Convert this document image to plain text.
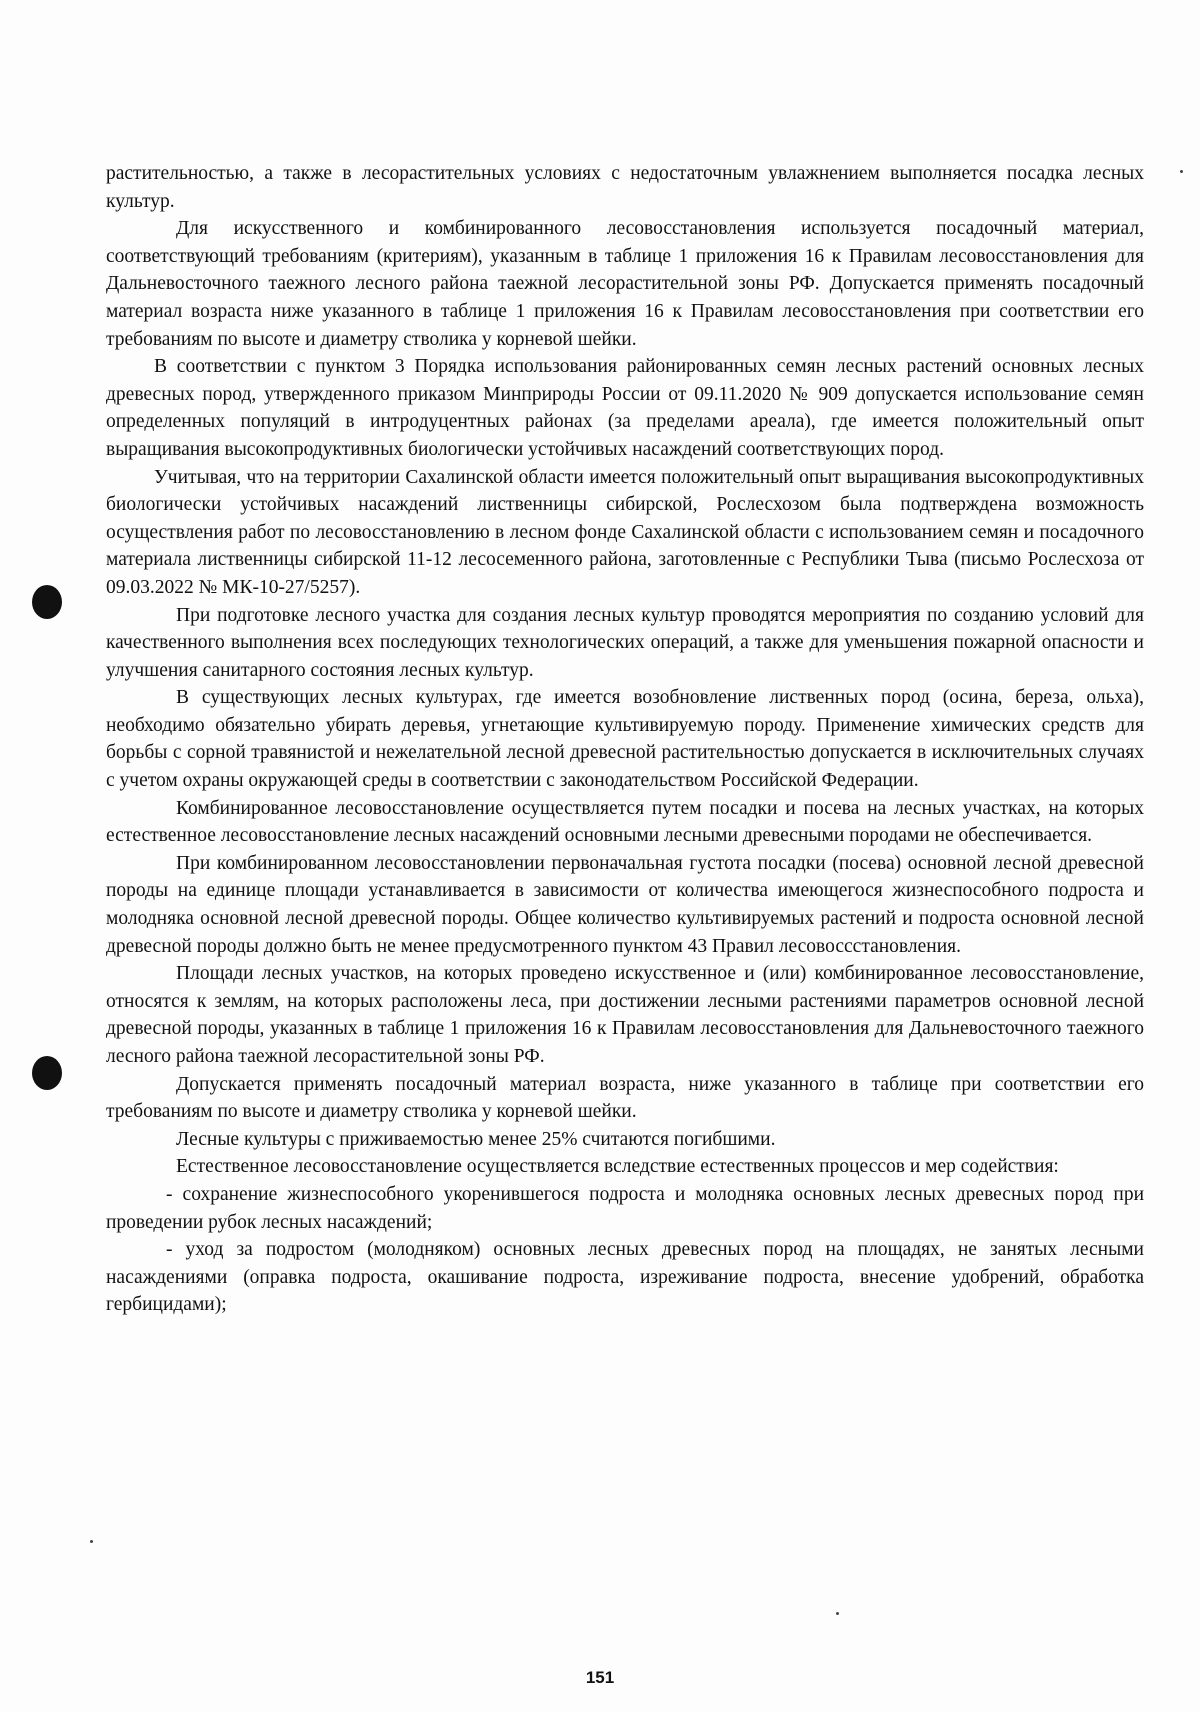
растительностью, а также в лесорастительных условиях с недостаточным увлажнением выполняется посадка лесных культур.

Для искусственного и комбинированного лесовосстановления используется посадочный материал, соответствующий требованиям (критериям), указанным в таблице 1 приложения 16 к Правилам лесовосстановления для Дальневосточного таежного лесного района таежной лесорастительной зоны РФ. Допускается применять посадочный материал возраста ниже указанного в таблице 1 приложения 16 к Правилам лесовосстановления при соответствии его требованиям по высоте и диаметру стволика у корневой шейки.

В соответствии с пунктом 3 Порядка использования районированных семян лесных растений основных лесных древесных пород, утвержденного приказом Минприроды России от 09.11.2020 № 909 допускается использование семян определенных популяций в интродуцентных районах (за пределами ареала), где имеется положительный опыт выращивания высокопродуктивных биологически устойчивых насаждений соответствующих пород.

Учитывая, что на территории Сахалинской области имеется положительный опыт выращивания высокопродуктивных биологически устойчивых насаждений лиственницы сибирской, Рослесхозом была подтверждена возможность осуществления работ по лесовосстановлению в лесном фонде Сахалинской области с использованием семян и посадочного материала лиственницы сибирской 11-12 лесосеменного района, заготовленные с Республики Тыва (письмо Рослесхоза от 09.03.2022 № МК-10-27/5257).

При подготовке лесного участка для создания лесных культур проводятся мероприятия по созданию условий для качественного выполнения всех последующих технологических операций, а также для уменьшения пожарной опасности и улучшения санитарного состояния лесных культур.

В существующих лесных культурах, где имеется возобновление лиственных пород (осина, береза, ольха), необходимо обязательно убирать деревья, угнетающие культивируемую породу. Применение химических средств для борьбы с сорной травянистой и нежелательной лесной древесной растительностью допускается в исключительных случаях с учетом охраны окружающей среды в соответствии с законодательством Российской Федерации.

Комбинированное лесовосстановление осуществляется путем посадки и посева на лесных участках, на которых естественное лесовосстановление лесных насаждений основными лесными древесными породами не обеспечивается.

При комбинированном лесовосстановлении первоначальная густота посадки (посева) основной лесной древесной породы на единице площади устанавливается в зависимости от количества имеющегося жизнеспособного подроста и молодняка основной лесной древесной породы. Общее количество культивируемых растений и подроста основной лесной древесной породы должно быть не менее предусмотренного пунктом 43 Правил лесовоссстановления.

Площади лесных участков, на которых проведено искусственное и (или) комбинированное лесовосстановление, относятся к землям, на которых расположены леса, при достижении лесными растениями параметров основной лесной древесной породы, указанных в таблице 1 приложения 16 к Правилам лесовосстановления для Дальневосточного таежного лесного района таежной лесорастительной зоны РФ.

Допускается применять посадочный материал возраста, ниже указанного в таблице при соответствии его требованиям по высоте и диаметру стволика у корневой шейки.

Лесные культуры с приживаемостью менее 25% считаются погибшими.

Естественное лесовосстановление осуществляется вследствие естественных процессов и мер содействия:

- сохранение жизнеспособного укоренившегося подроста и молодняка основных лесных древесных пород при проведении рубок лесных насаждений;

- уход за подростом (молодняком) основных лесных древесных пород на площадях, не занятых лесными насаждениями (оправка подроста, окашивание подроста, изреживание подроста, внесение удобрений, обработка гербицидами);

151
